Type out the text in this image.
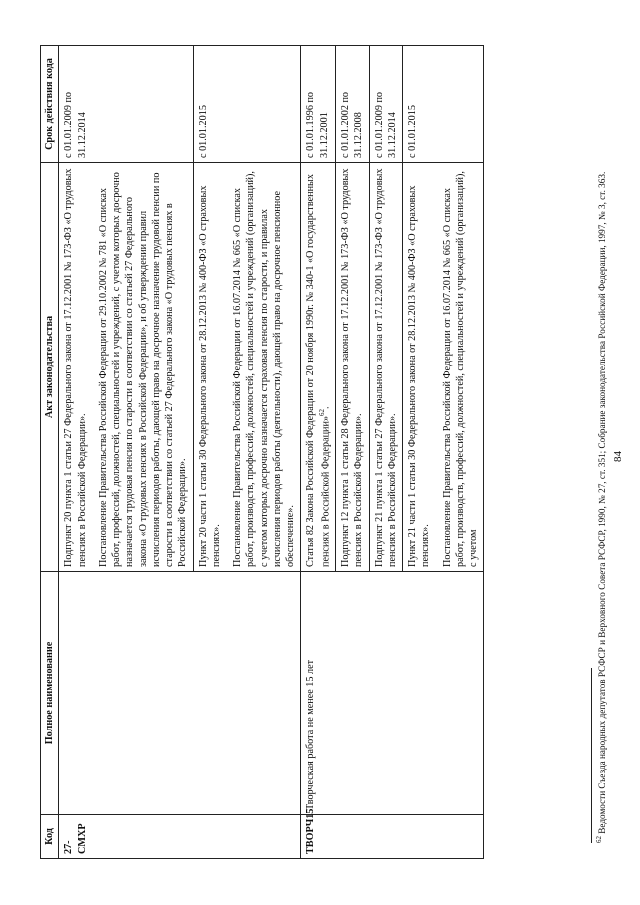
84
Код	Полное наименование	Акт законодательства	Срок действия кода
27-СМХР		Подпункт 20 пункта 1 статьи 27 Федерального закона от 17.12.2001 № 173-ФЗ «О трудовых пенсиях в Российской Федерации». Постановление Правительства Российской Федерации от 29.10.2002 № 781 «О списках работ, профессий, должностей, специальностей и учреждений, с учетом которых досрочно назначается трудовая пенсия по старости в соответствии со статьей 27 Федерального закона «О трудовых пенсиях в Российской Федерации», и об утверждении правил исчисления периодов работы, дающей право на досрочное назначение трудовой пенсии по старости в соответствии со статьей 27 Федерального закона «О трудовых пенсиях в Российской Федерации».	с 01.01.2009 по 31.12.2014

		Пункт 20 части 1 статьи 30 Федерального закона от 28.12.2013 № 400-ФЗ «О страховых пенсиях». Постановление Правительства Российской Федерации от 16.07.2014 № 665 «О списках работ, производств, профессий, должностей, специальностей и учреждений (организаций), с учетом которых досрочно назначается страховая пенсия по старости, и правилах исчисления периодов работы (деятельности), дающей право на досрочное пенсионное обеспечение».	с 01.01.2015
ТВОРЧ15	Творческая работа не менее 15 лет	Статья 82 Закона Российской Федерации от 20 ноября 1990г. № 340-1 «О государственных пенсиях в Российской Федерации»$^{62}$.	с 01.01.1996 по 31.12.2001

		Подпункт 12 пункта 1 статьи 28 Федерального закона от 17.12.2001 № 173-ФЗ «О трудовых пенсиях в Российской Федерации».	с 01.01.2002 по 31.12.2008

		Подпункт 21 пункта 1 статьи 27 Федерального закона от 17.12.2001 № 173-ФЗ «О трудовых пенсиях в Российской Федерации».	с 01.01.2009 по 31.12.2014

		Пункт 21 части 1 статьи 30 Федерального закона от 28.12.2013 № 400-ФЗ «О страховых пенсиях». Постановление Правительства Российской Федерации от 16.07.2014 № 665 «О списках работ, производств, профессий, должностей, специальностей и учреждений (организаций), с учетом	с 01.01.2015
$^{62}$ Ведомости Съезда народных депутатов РСФСР и Верховного Совета РСФСР, 1990, № 27, ст. 351; Собрание законодательства Российской Федерации, 1997, № 3, ст. 363.
